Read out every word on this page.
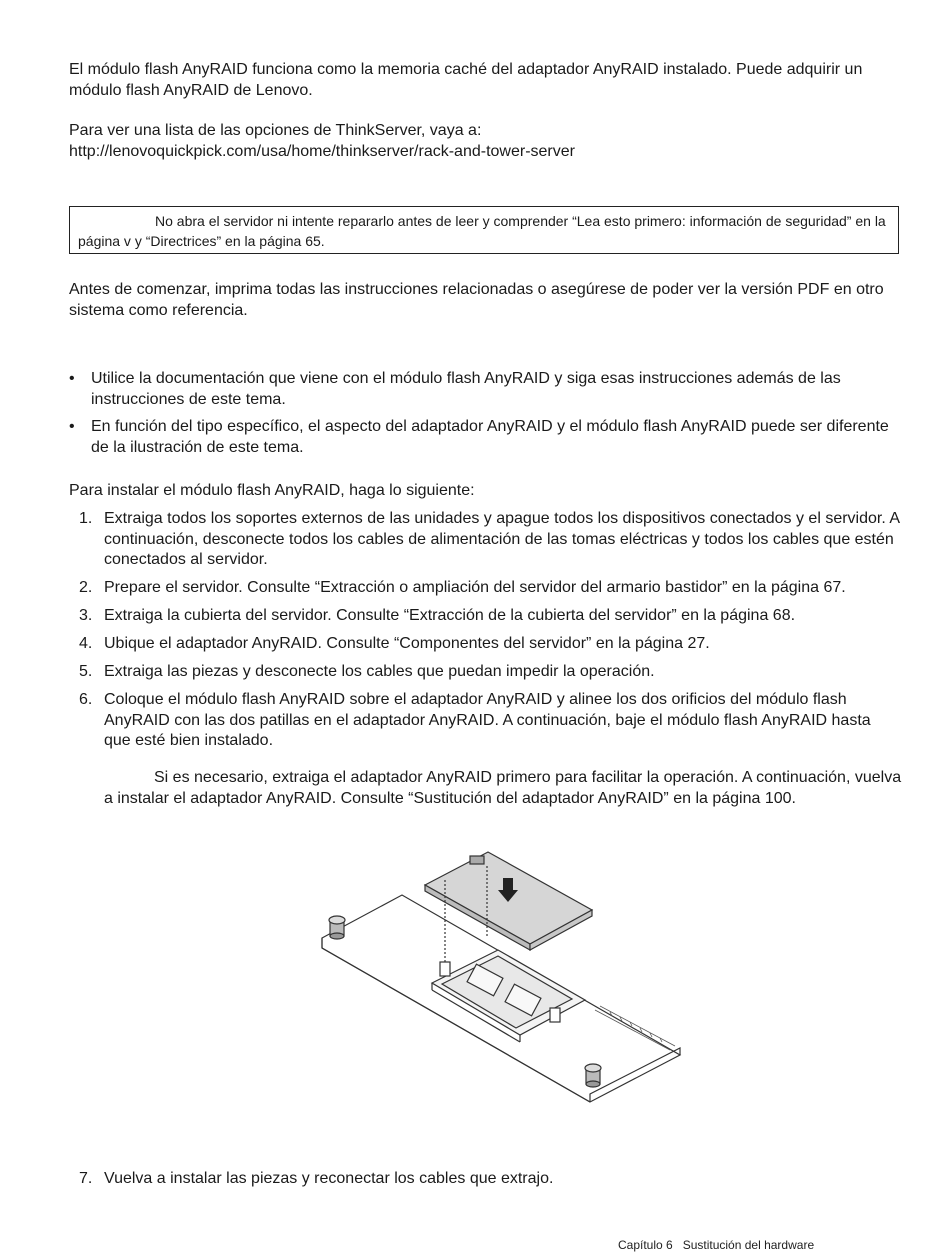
El módulo flash AnyRAID funciona como la memoria caché del adaptador AnyRAID instalado. Puede adquirir un módulo flash AnyRAID de Lenovo.

Para ver una lista de las opciones de ThinkServer, vaya a:

http://lenovoquickpick.com/usa/home/thinkserver/rack-and-tower-server

No abra el servidor ni intente repararlo antes de leer y comprender “Lea esto primero: información de seguridad” en la página v y “Directrices” en la página 65.

Antes de comenzar, imprima todas las instrucciones relacionadas o asegúrese de poder ver la versión PDF en otro sistema como referencia.

• Utilice la documentación que viene con el módulo flash AnyRAID y siga esas instrucciones además de las instrucciones de este tema.
• En función del tipo específico, el aspecto del adaptador AnyRAID y el módulo flash AnyRAID puede ser diferente de la ilustración de este tema.

Para instalar el módulo flash AnyRAID, haga lo siguiente:

1. Extraiga todos los soportes externos de las unidades y apague todos los dispositivos conectados y el servidor. A continuación, desconecte todos los cables de alimentación de las tomas eléctricas y todos los cables que estén conectados al servidor.
2. Prepare el servidor. Consulte “Extracción o ampliación del servidor del armario bastidor” en la página 67.
3. Extraiga la cubierta del servidor. Consulte “Extracción de la cubierta del servidor” en la página 68.
4. Ubique el adaptador AnyRAID. Consulte “Componentes del servidor” en la página 27.
5. Extraiga las piezas y desconecte los cables que puedan impedir la operación.
6. Coloque el módulo flash AnyRAID sobre el adaptador AnyRAID y alinee los dos orificios del módulo flash AnyRAID con las dos patillas en el adaptador AnyRAID. A continuación, baje el módulo flash AnyRAID hasta que esté bien instalado.

Si es necesario, extraiga el adaptador AnyRAID primero para facilitar la operación. A continuación, vuelva a instalar el adaptador AnyRAID. Consulte “Sustitución del adaptador AnyRAID” en la página 100.

7. Vuelva a instalar las piezas y reconectar los cables que extrajo.
Capítulo 6 Sustitución del hardware
